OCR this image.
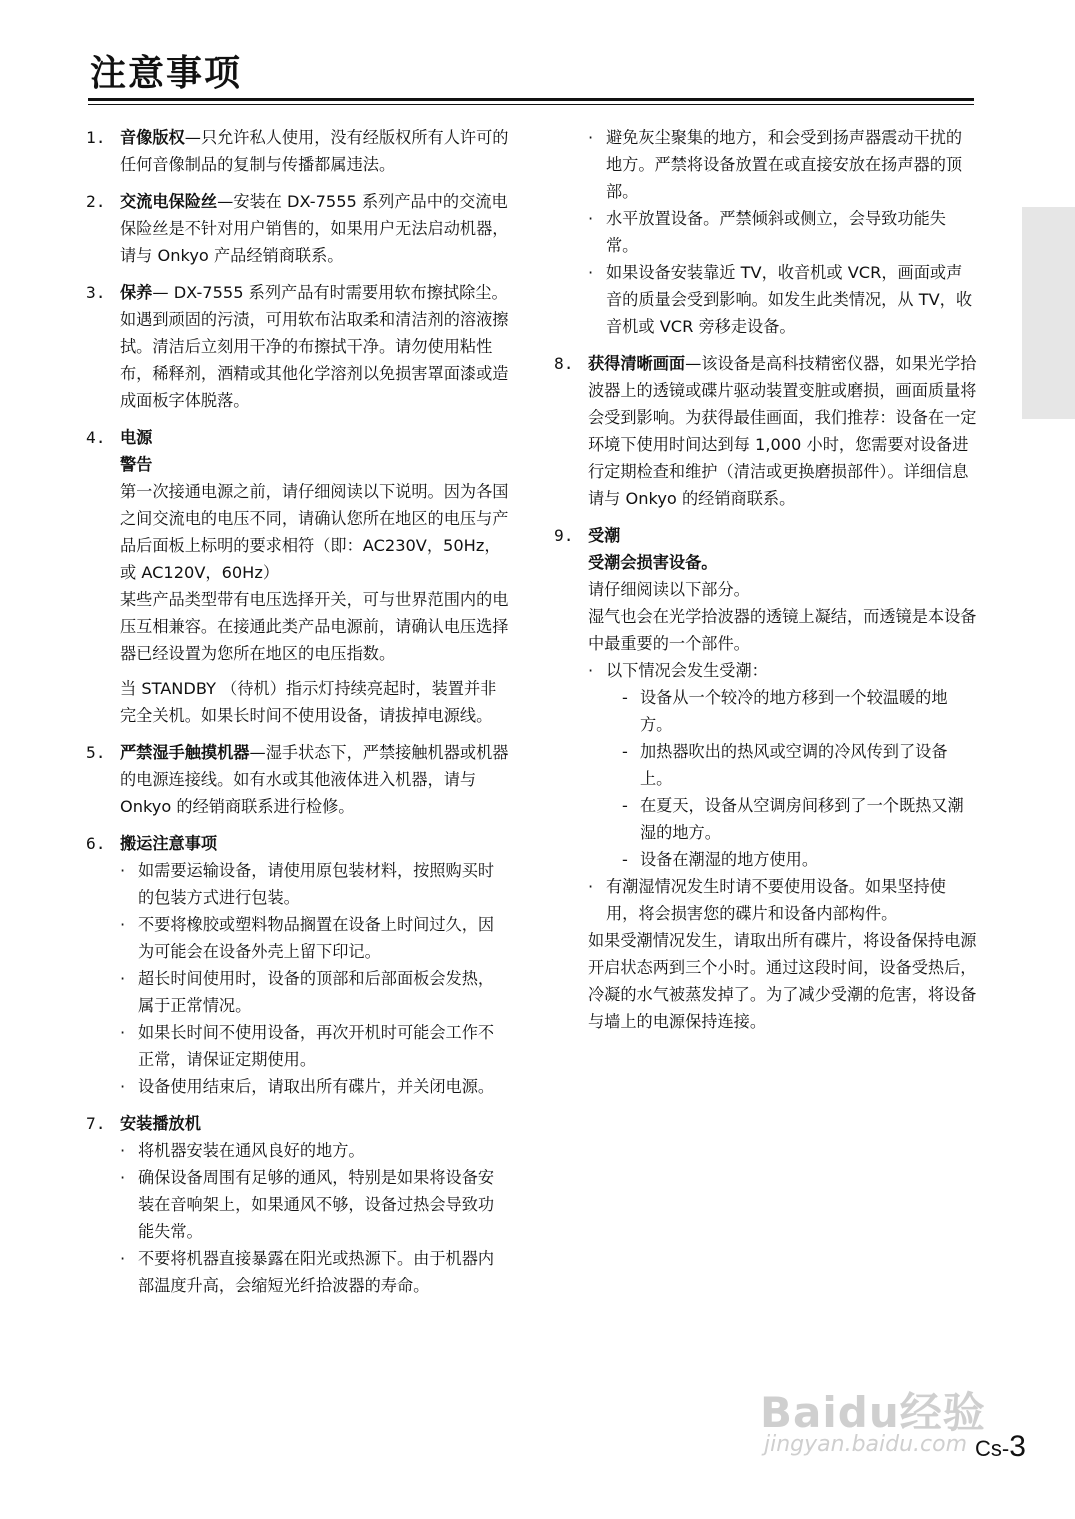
注意事项
1. 音像版权—只允许私人使用，没有经版权所有人许可的任何音像制品的复制与传播都属违法。
2. 交流电保险丝—安装在 DX-7555 系列产品中的交流电保险丝是不针对用户销售的，如果用户无法启动机器，请与 Onkyo 产品经销商联系。
3. 保养— DX-7555 系列产品有时需要用软布擦拭除尘。如遇到顽固的污渍，可用软布沾取柔和清洁剂的溶液擦拭。清洁后立刻用干净的布擦拭干净。请勿使用粘性布，稀释剂，酒精或其他化学溶剂以免损害罩面漆或造成面板字体脱落。
4. 电源
警告

第一次接通电源之前，请仔细阅读以下说明。因为各国之间交流电的电压不同，请确认您所在地区的电压与产品后面板上标明的要求相符（即：AC230V，50Hz，或 AC120V，60Hz）

某些产品类型带有电压选择开关，可与世界范围内的电压互相兼容。在接通此类产品电源前，请确认电压选择器已经设置为您所在地区的电压指数。

当 STANDBY （待机）指示灯持续亮起时，装置并非完全关机。如果长时间不使用设备，请拔掉电源线。

5. 严禁湿手触摸机器—湿手状态下，严禁接触机器或机器的电源连接线。如有水或其他液体进入机器，请与 Onkyo 的经销商联系进行检修。
6. 搬运注意事项
· 如需要运输设备，请使用原包装材料，按照购买时的包装方式进行包装。
· 不要将橡胶或塑料物品搁置在设备上时间过久，因为可能会在设备外壳上留下印记。
· 超长时间使用时，设备的顶部和后部面板会发热，属于正常情况。
· 如果长时间不使用设备，再次开机时可能会工作不正常，请保证定期使用。
· 设备使用结束后，请取出所有碟片，并关闭电源。
7. 安装播放机
· 将机器安装在通风良好的地方。
· 确保设备周围有足够的通风，特别是如果将设备安装在音响架上，如果通风不够，设备过热会导致功能失常。
· 不要将机器直接暴露在阳光或热源下。由于机器内部温度升高，会缩短光纤拾波器的寿命。
· 避免灰尘聚集的地方，和会受到扬声器震动干扰的地方。严禁将设备放置在或直接安放在扬声器的顶部。
· 水平放置设备。严禁倾斜或侧立，会导致功能失常。
· 如果设备安装靠近 TV，收音机或 VCR，画面或声音的质量会受到影响。如发生此类情况，从 TV，收音机或 VCR 旁移走设备。
8. 获得清晰画面—该设备是高科技精密仪器，如果光学拾波器上的透镜或碟片驱动装置变脏或磨损，画面质量将会受到影响。为获得最佳画面，我们推荐：设备在一定环境下使用时间达到每 1,000 小时，您需要对设备进行定期检查和维护（清洁或更换磨损部件）。详细信息请与 Onkyo 的经销商联系。
9. 受潮
受潮会损害设备。

请仔细阅读以下部分。

湿气也会在光学拾波器的透镜上凝结，而透镜是本设备中最重要的一个部件。

· 以下情况会发生受潮：
- 设备从一个较冷的地方移到一个较温暖的地方。
- 加热器吹出的热风或空调的冷风传到了设备上。
- 在夏天，设备从空调房间移到了一个既热又潮湿的地方。
- 设备在潮湿的地方使用。
· 有潮湿情况发生时请不要使用设备。如果坚持使用，将会损害您的碟片和设备内部构件。

如果受潮情况发生，请取出所有碟片，将设备保持电源开启状态两到三个小时。通过这段时间，设备受热后，冷凝的水气被蒸发掉了。为了减少受潮的危害，将设备与墙上的电源保持连接。

Baidu经验
jingyan.baidu.com Cs-3
